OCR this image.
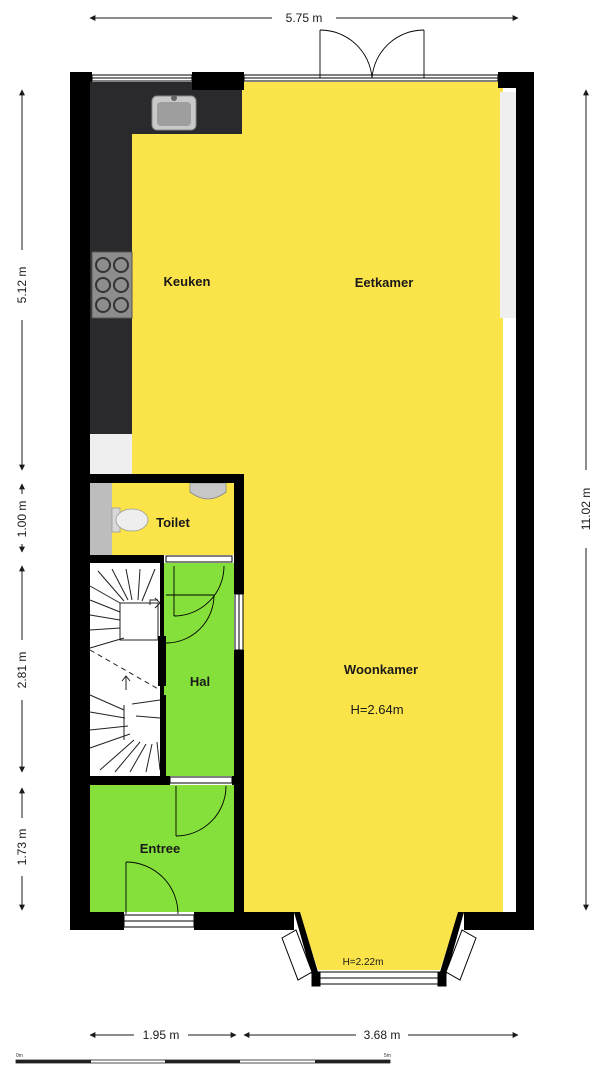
Keuken	Eetkamer
Toilet
Hal
Woonkamer
H=2.64m
Entree
H=2.22m
5.75 m
5.12 m
1.00 m
2.81 m
1.73 m
11.02 m
1.95 m	3.68 m
0m	5m
